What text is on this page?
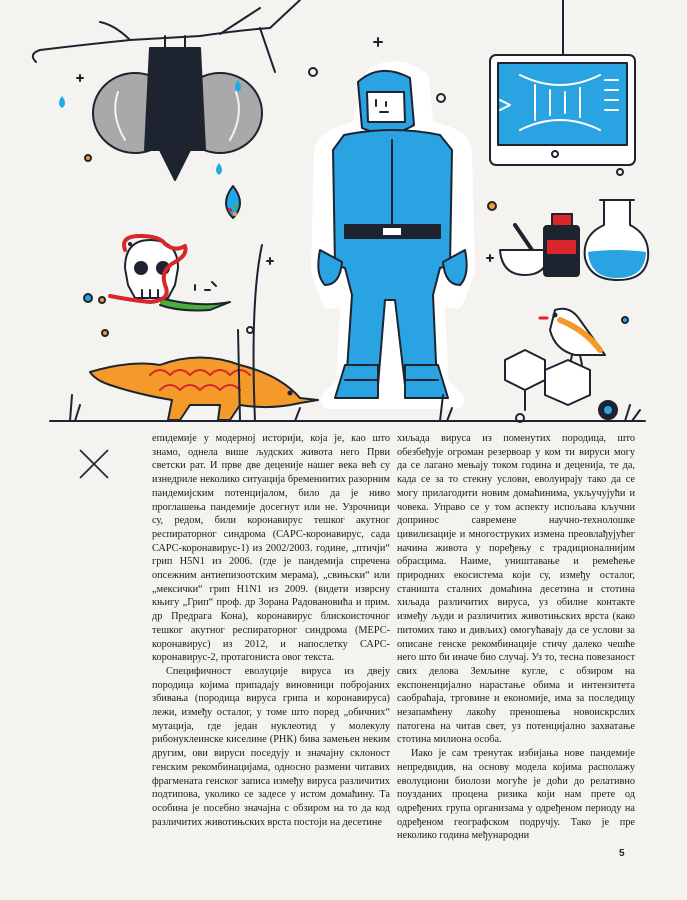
епидемије у модерној историји, која је, као што знамо, однела више људских живота него Први светски рат. И прве две деценије нашег века већ су изнедриле неколико ситуација бремениитих разорним пандемијским потенцијалом, било да је ниво проглашења пандемије досегнут или не. Узрочници су, редом, били коронавирус тешког акутног респираторног синдрома (САРС-коронавирус, сада САРС-коронавирус-1) из 2002/2003. године, „птичји“ грип H5N1 из 2006. (где је пандемија спречена опсежним антиепизоотским мерама), „свињски“ или „мексички“ грип H1N1 из 2009. (видети изврсну књигу „Грип“ проф. др Зорана Радовановића и прим. др Предрага Кона), коронавирус блискоисточног тешког акутног респираторног синдрома (МЕРС-коронавирус) из 2012, и напослетку САРС-коронавирус-2, протагониста овог текста.

Специфичност еволуције вируса из двеју породица којима припадају виновници поброjаних збивања (породица вируса грипа и коронавируса) лежи, између осталог, у томе што поред „обичних“ мутација, где један нуклеотид у молекулу рибонуклеинске киселине (РНК) бива замењен неким другим, ови вируси поседују и значајну склоност генским рекомбинацијама, односно размени читавих фрагмената генског записа између вируса различитих подтипова, уколико се задесе у истом домаћину. Та особина је посебно значајна с обзиром на то да код различитих животињских врста постоји на десетине

хиљада вируса из поменутих породица, што обезбеђује огроман резервоар у ком ти вируси могу да се лагано мењају током година и деценија, те да, када се за то стекну услови, еволуирају тако да се могу прилагодити новим домаћинима, укључујући и човека. Управо се у том аспекту испољава кључни допринос савремене научно-технолошке цивилизације и многоструких измена преовлађујућег начина живота у поређењу с традиционалнијим обрасцима. Наиме, уништавање и ремећење природних екосистема који су, између осталог, станишта сталних домаћина десетина и стотина хиљада различитих вируса, уз обилне контакте између људи и различитих животињских врста (како питомих тако и дивљих) омогућавају да се услови за описане генске рекомбинације стичу далеко чешће него што би иначе био случај. Уз то, тесна повезаност свих делова Земљине кугле, с обзиром на експоненцијално нарастање обима и интензитета саобраћаја, трговине и економије, има за последицу незапамћену лакоћу преношења новоискрслих патогена на читав свет, уз потенцијално захватање стотина милиона особа.

Иако је сам тренутак избијања нове пандемије непредвидив, на основу модела којима располажу еволуциони биолози могуће је доћи до релативно поузданих процена ризика који нам прете од одређених група организама у одређеном периоду на одређеном географском подручју. Тако је пре неколико година међународни

5
